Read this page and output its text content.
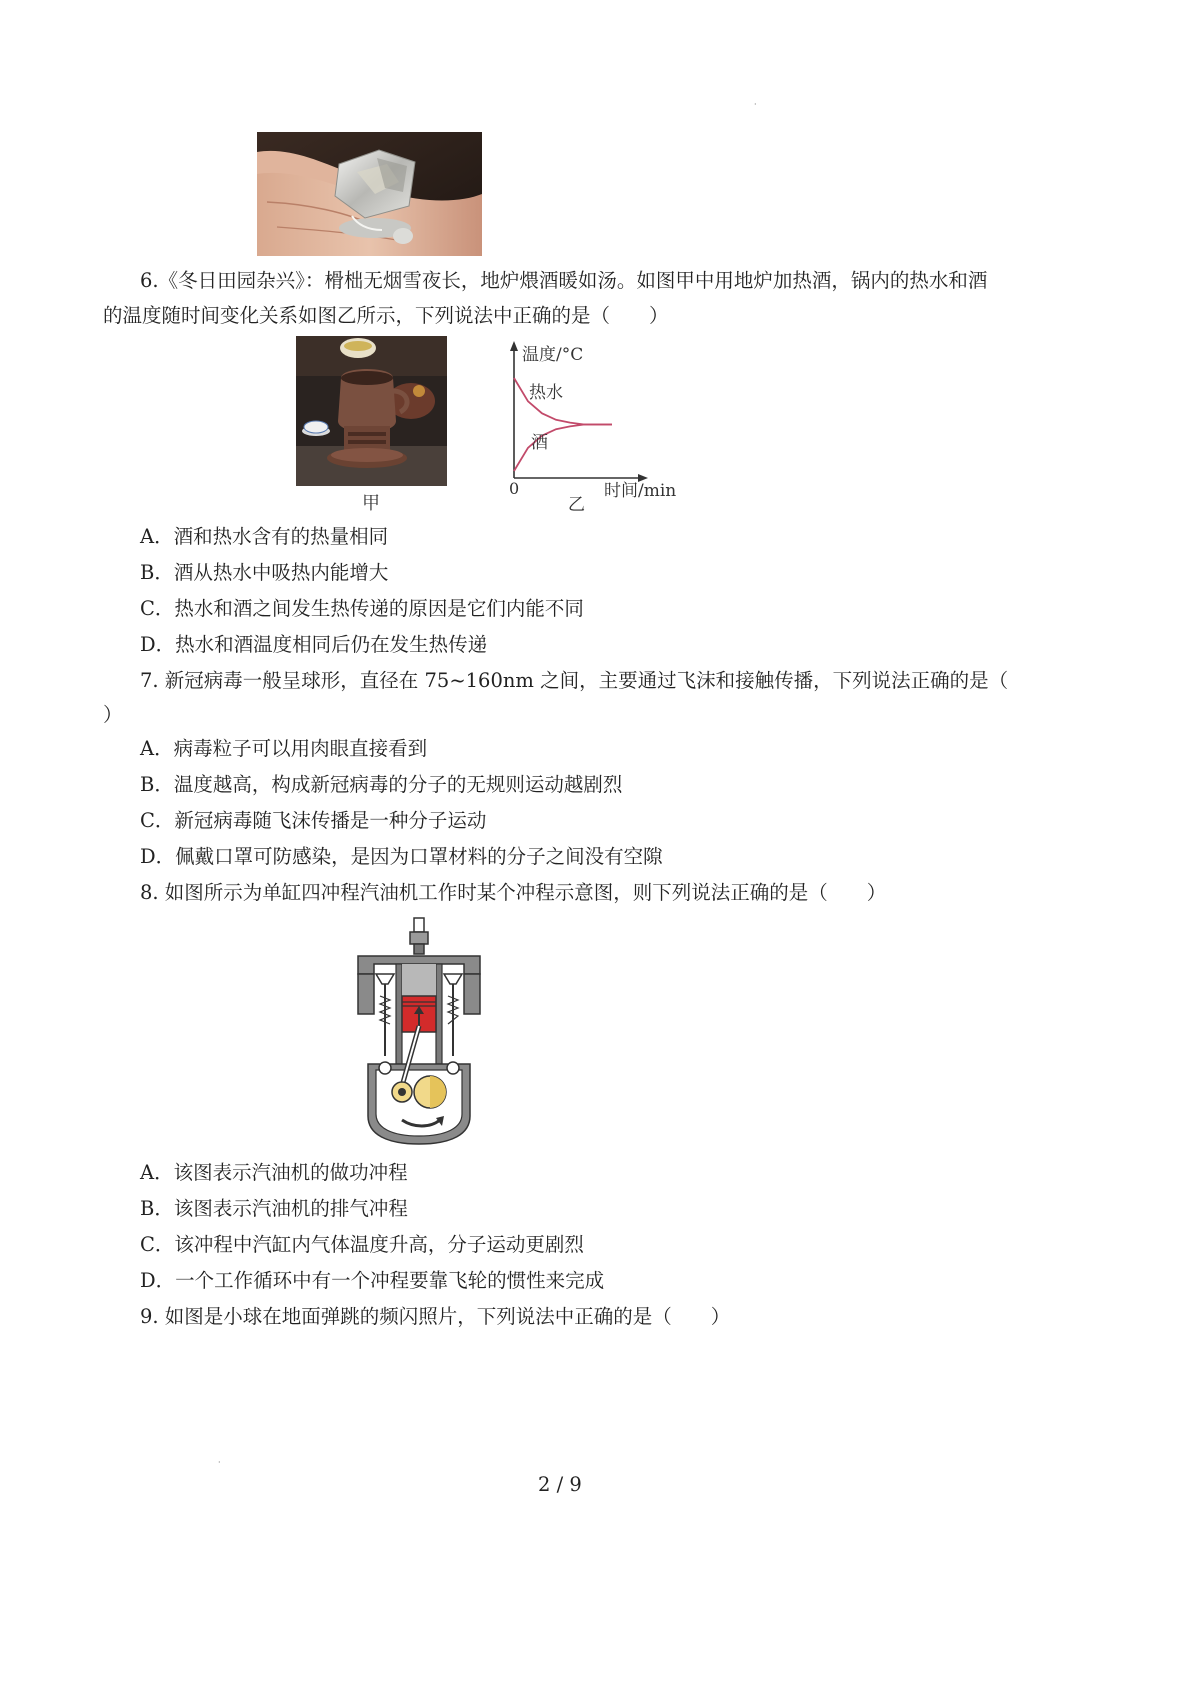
·
·
6.《冬日田园杂兴》：榾柮无烟雪夜长，地炉煨酒暖如汤。如图甲中用地炉加热酒，锅内的热水和酒
的温度随时间变化关系如图乙所示，下列说法中正确的是（　　）
甲
温度/°C
热水
酒
0	时间/min
乙
A．酒和热水含有的热量相同
B．酒从热水中吸热内能增大
C．热水和酒之间发生热传递的原因是它们内能不同
D．热水和酒温度相同后仍在发生热传递
7. 新冠病毒一般呈球形，直径在 75~160nm 之间，主要通过飞沫和接触传播，下列说法正确的是（
）
A．病毒粒子可以用肉眼直接看到
B．温度越高，构成新冠病毒的分子的无规则运动越剧烈
C．新冠病毒随飞沫传播是一种分子运动
D．佩戴口罩可防感染，是因为口罩材料的分子之间没有空隙
8. 如图所示为单缸四冲程汽油机工作时某个冲程示意图，则下列说法正确的是（　　）
A．该图表示汽油机的做功冲程
B．该图表示汽油机的排气冲程
C．该冲程中汽缸内气体温度升高，分子运动更剧烈
D．一个工作循环中有一个冲程要靠飞轮的惯性来完成
9. 如图是小球在地面弹跳的频闪照片，下列说法中正确的是（　　）
2 / 9
